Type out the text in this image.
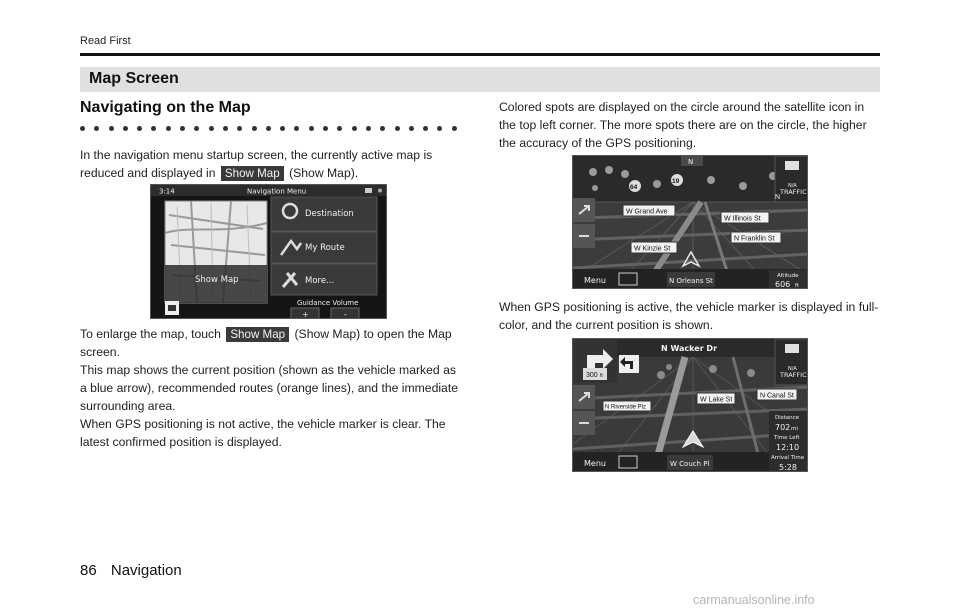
Read First
Map Screen
Navigating on the Map
In the navigation menu startup screen, the currently active map is reduced and displayed in Show Map (Show Map).
3:14	Navigation Menu
Show Map
Destination
My Route
More...
Guidance Volume
+	-
To enlarge the map, touch Show Map (Show Map) to open the Map screen.
This map shows the current position (shown as the vehicle marked as a blue arrow), recommended routes (orange lines), and the immediate surrounding area.
When GPS positioning is not active, the vehicle marker is clear. The latest confirmed position is displayed.
Colored spots are displayed on the circle around the satellite icon in the top left corner. The more spots there are on the circle, the higher the accuracy of the GPS positioning.
N
64
19
N/A
TRAFFIC
N
W Grand Ave
W Illinois St
N Franklin St
W Kinzie St
Menu	N Orleans St
Altitude
606 ft
When GPS positioning is active, the vehicle marker is displayed in full-color, and the current position is shown.
N Wacker Dr
300 ft
N/A
TRAFFIC
N Riverside Plz
W Lake St
N Canal St
Distance
702 mi
Time Left
12:10
Arrival Time
5:28
Menu	W Couch Pl
86 Navigation
carmanualsonline.info
